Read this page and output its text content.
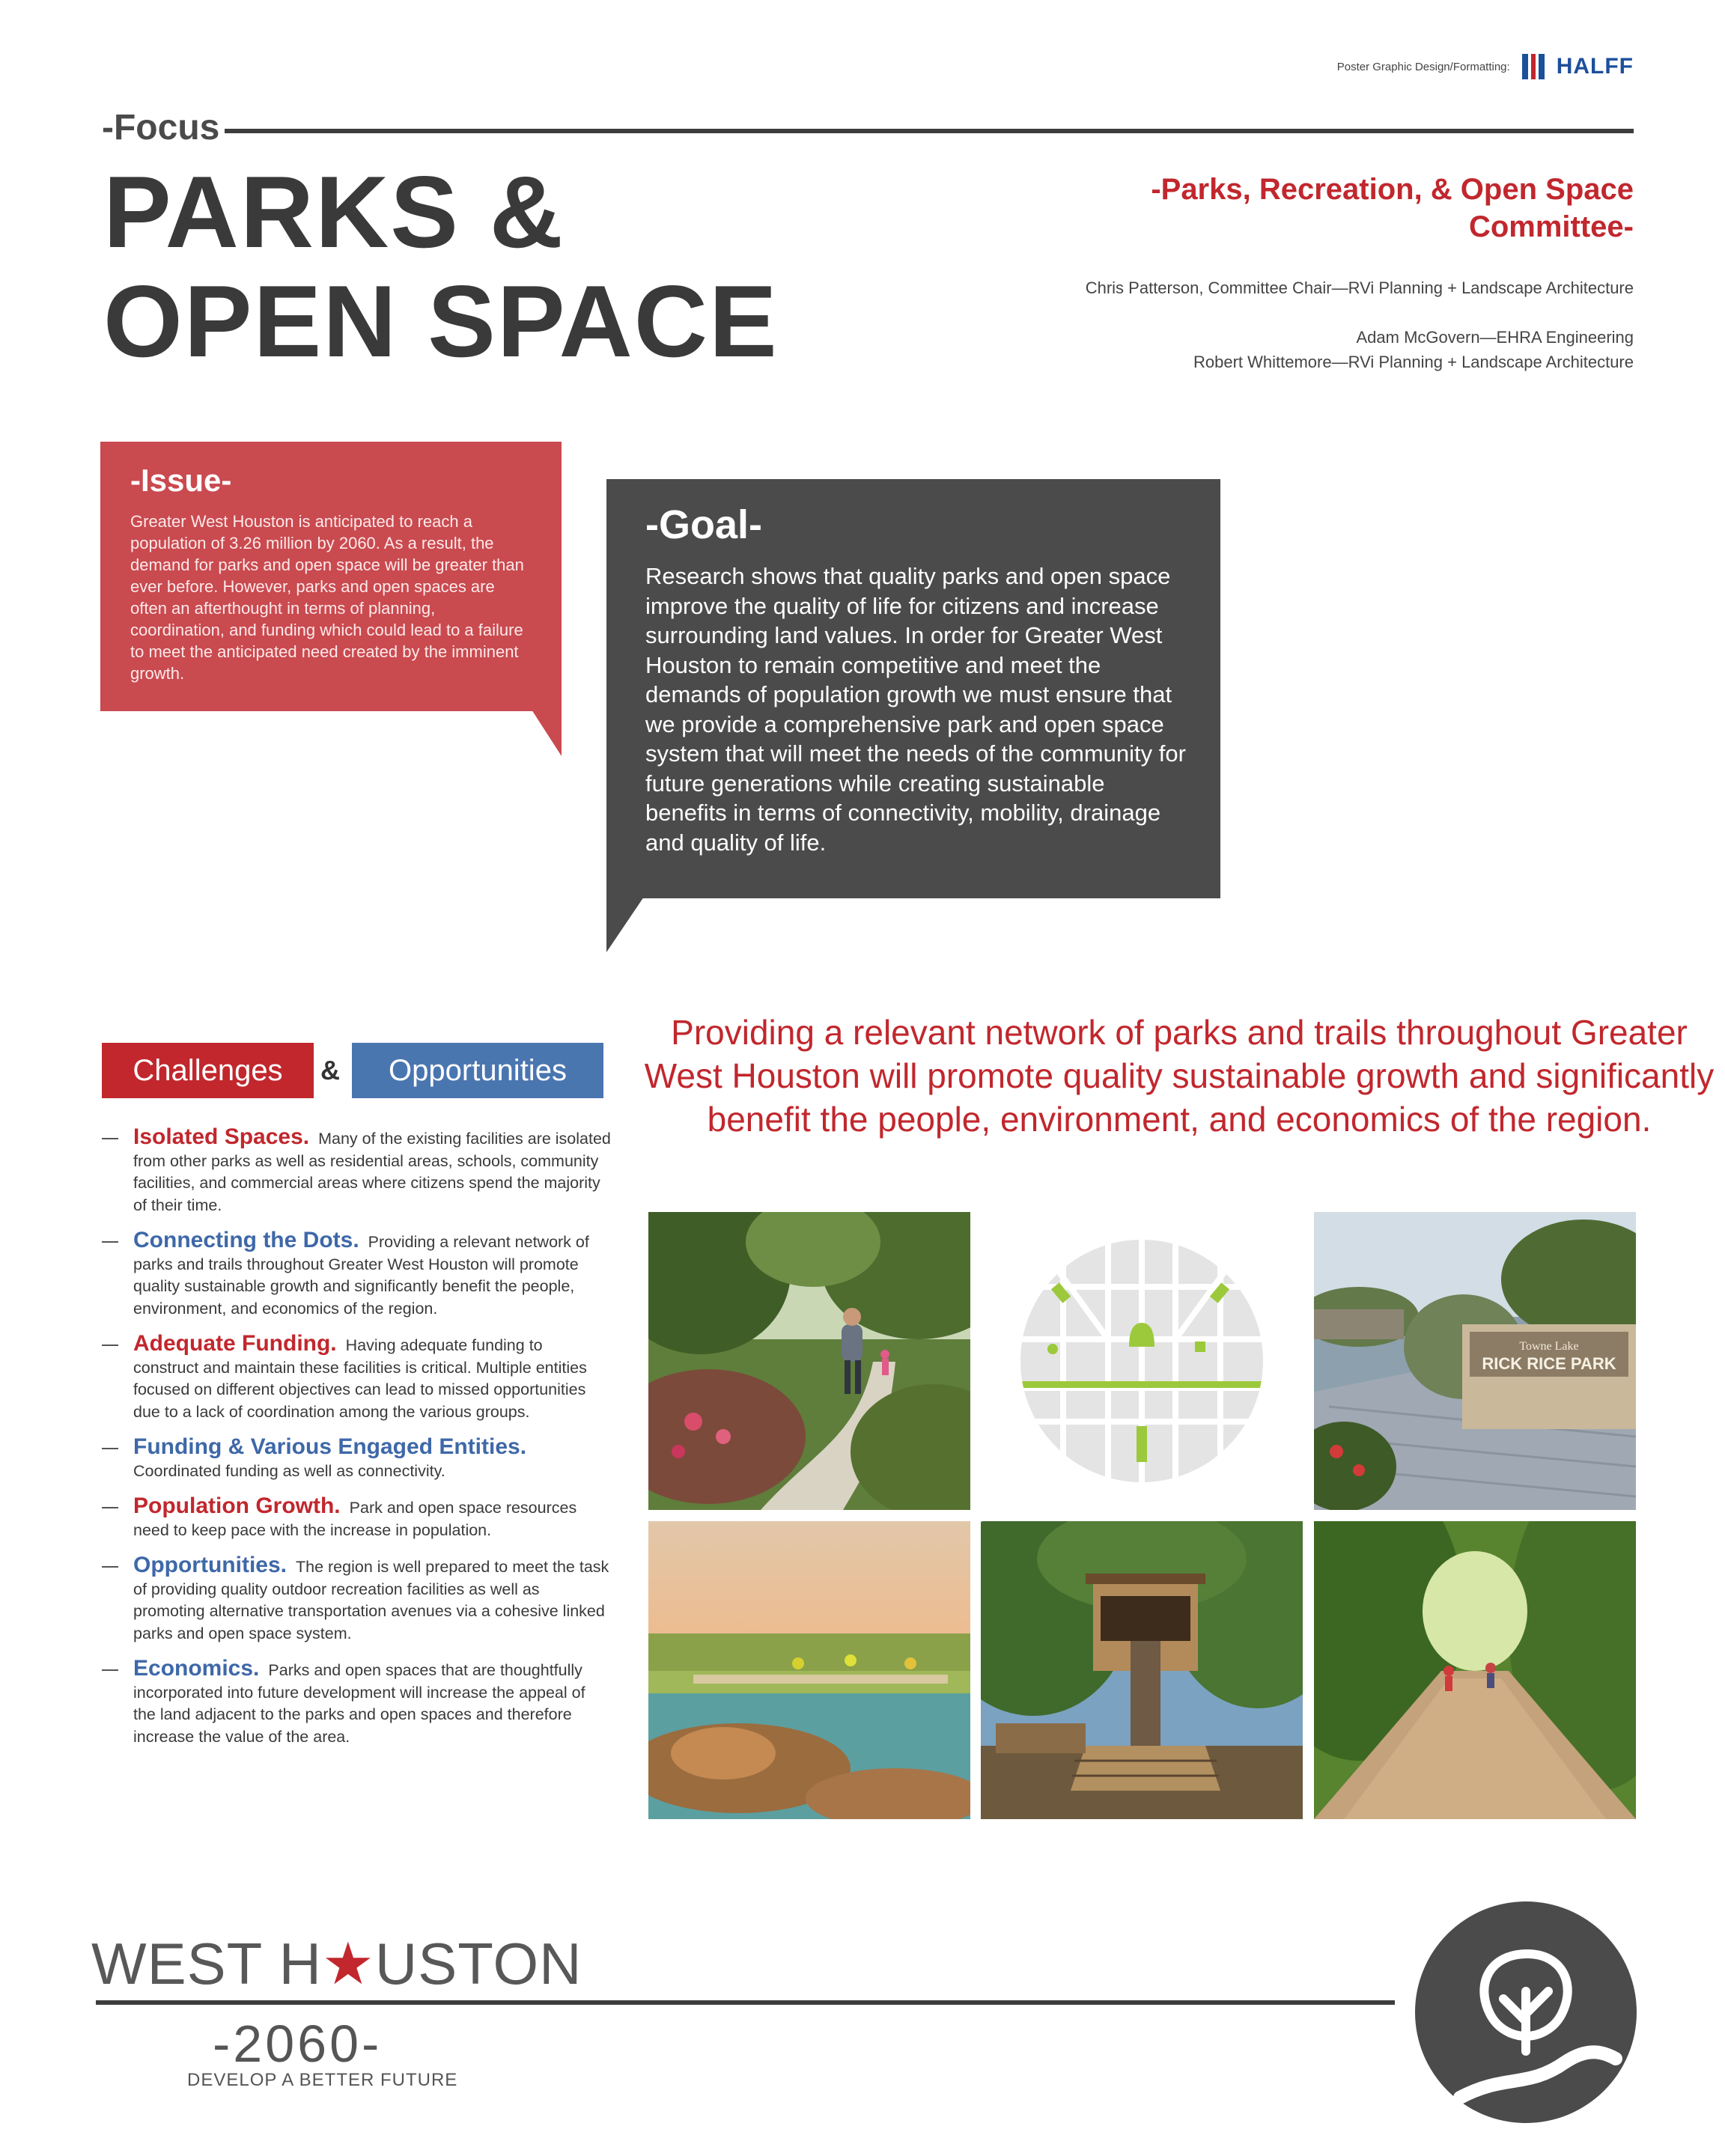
Poster Graphic Design/Formatting: HALFF
-Focus
PARKS &
OPEN SPACE
-Parks, Recreation, & Open Space
Committee-
Chris Patterson, Committee Chair—RVi Planning + Landscape Architecture
Adam McGovern—EHRA Engineering
Robert Whittemore—RVi Planning + Landscape Architecture
-Issue-

Greater West Houston is anticipated to reach a population of 3.26 million by 2060. As a result, the demand for parks and open space will be greater than ever before. However, parks and open spaces are often an afterthought in terms of planning, coordination, and funding which could lead to a failure to meet the anticipated need created by the imminent growth.

-Goal-

Research shows that quality parks and open space improve the quality of life for citizens and increase surrounding land values. In order for Greater West Houston to remain competitive and meet the demands of population growth we must ensure that we provide a comprehensive park and open space system that will meet the needs of the community for future generations while creating sustainable benefits in terms of connectivity, mobility, drainage and quality of life.

Challenges	&	Opportunities
Isolated Spaces. Many of the existing facilities are isolated from other parks as well as residential areas, schools, community facilities, and commercial areas where citizens spend the majority of their time.
Connecting the Dots. Providing a relevant network of parks and trails throughout Greater West Houston will promote quality sustainable growth and significantly benefit the people, environment, and economics of the region.
Adequate Funding. Having adequate funding to construct and maintain these facilities is critical. Multiple entities focused on different objectives can lead to missed opportunities due to a lack of coordination among the various groups.
Funding & Various Engaged Entities.
Coordinated funding as well as connectivity.
Population Growth. Park and open space resources need to keep pace with the increase in population.
Opportunities. The region is well prepared to meet the task of providing quality outdoor recreation facilities as well as promoting alternative transportation avenues via a cohesive linked parks and open space system.
Economics. Parks and open spaces that are thoughtfully incorporated into future development will increase the appeal of the land adjacent to the parks and open spaces and therefore increase the value of the area.
Providing a relevant network of parks and trails throughout Greater West Houston will promote quality sustainable growth and significantly benefit the people, environment, and economics of the region.
Towne Lake
RICK RICE PARK
WEST H★USTON
-2060-
DEVELOP A BETTER FUTURE
